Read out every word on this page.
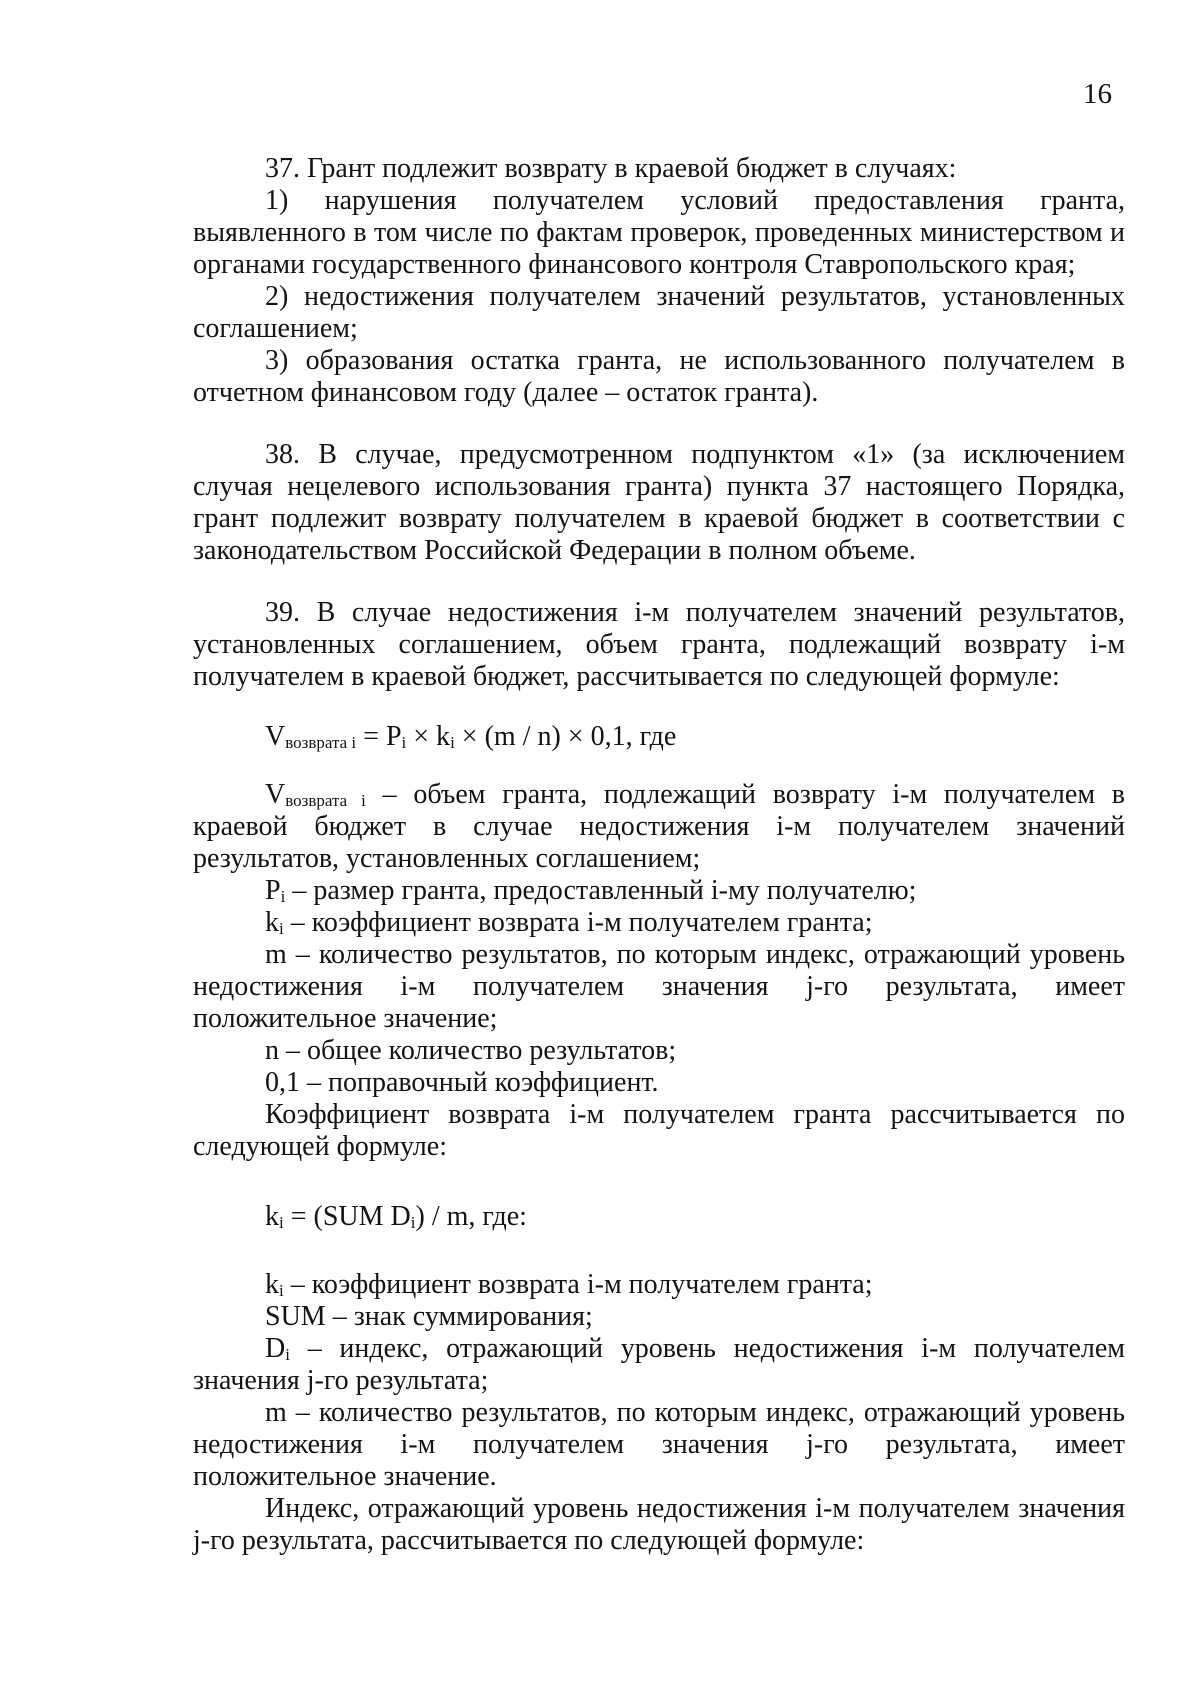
16

37. Грант подлежит возврату в краевой бюджет в случаях:

1) нарушения получателем условий предоставления гранта, выявленного в том числе по фактам проверок, проведенных министерством и органами государственного финансового контроля Ставропольского края;

2) недостижения получателем значений результатов, установленных соглашением;

3) образования остатка гранта, не использованного получателем в отчетном финансовом году (далее – остаток гранта).

38. В случае, предусмотренном подпунктом «1» (за исключением случая нецелевого использования гранта) пункта 37 настоящего Порядка, грант подлежит возврату получателем в краевой бюджет в соответствии с законодательством Российской Федерации в полном объеме.

39. В случае недостижения i-м получателем значений результатов, установленных соглашением, объем гранта, подлежащий возврату i-м получателем в краевой бюджет, рассчитывается по следующей формуле:

$V_{возврата i} = P_i \times k_i \times (m / n) \times 0,1$, где

$V_{возврата i}$ – объем гранта, подлежащий возврату i-м получателем в краевой бюджет в случае недостижения i-м получателем значений результатов, установленных соглашением;

$P_i$ – размер гранта, предоставленный i-му получателю;

$k_i$ – коэффициент возврата i-м получателем гранта;

m – количество результатов, по которым индекс, отражающий уровень недостижения i-м получателем значения j-го результата, имеет положительное значение;

n – общее количество результатов;

0,1 – поправочный коэффициент.

Коэффициент возврата i-м получателем гранта рассчитывается по следующей формуле:

$k_i = (SUM$ $D_i$) / m, где:

$k_i$ – коэффициент возврата i-м получателем гранта;

SUM – знак суммирования;

$D_i$ – индекс, отражающий уровень недостижения i-м получателем значения j-го результата;

m – количество результатов, по которым индекс, отражающий уровень недостижения i-м получателем значения j-го результата, имеет положительное значение.

Индекс, отражающий уровень недостижения i-м получателем значения j-го результата, рассчитывается по следующей формуле:
